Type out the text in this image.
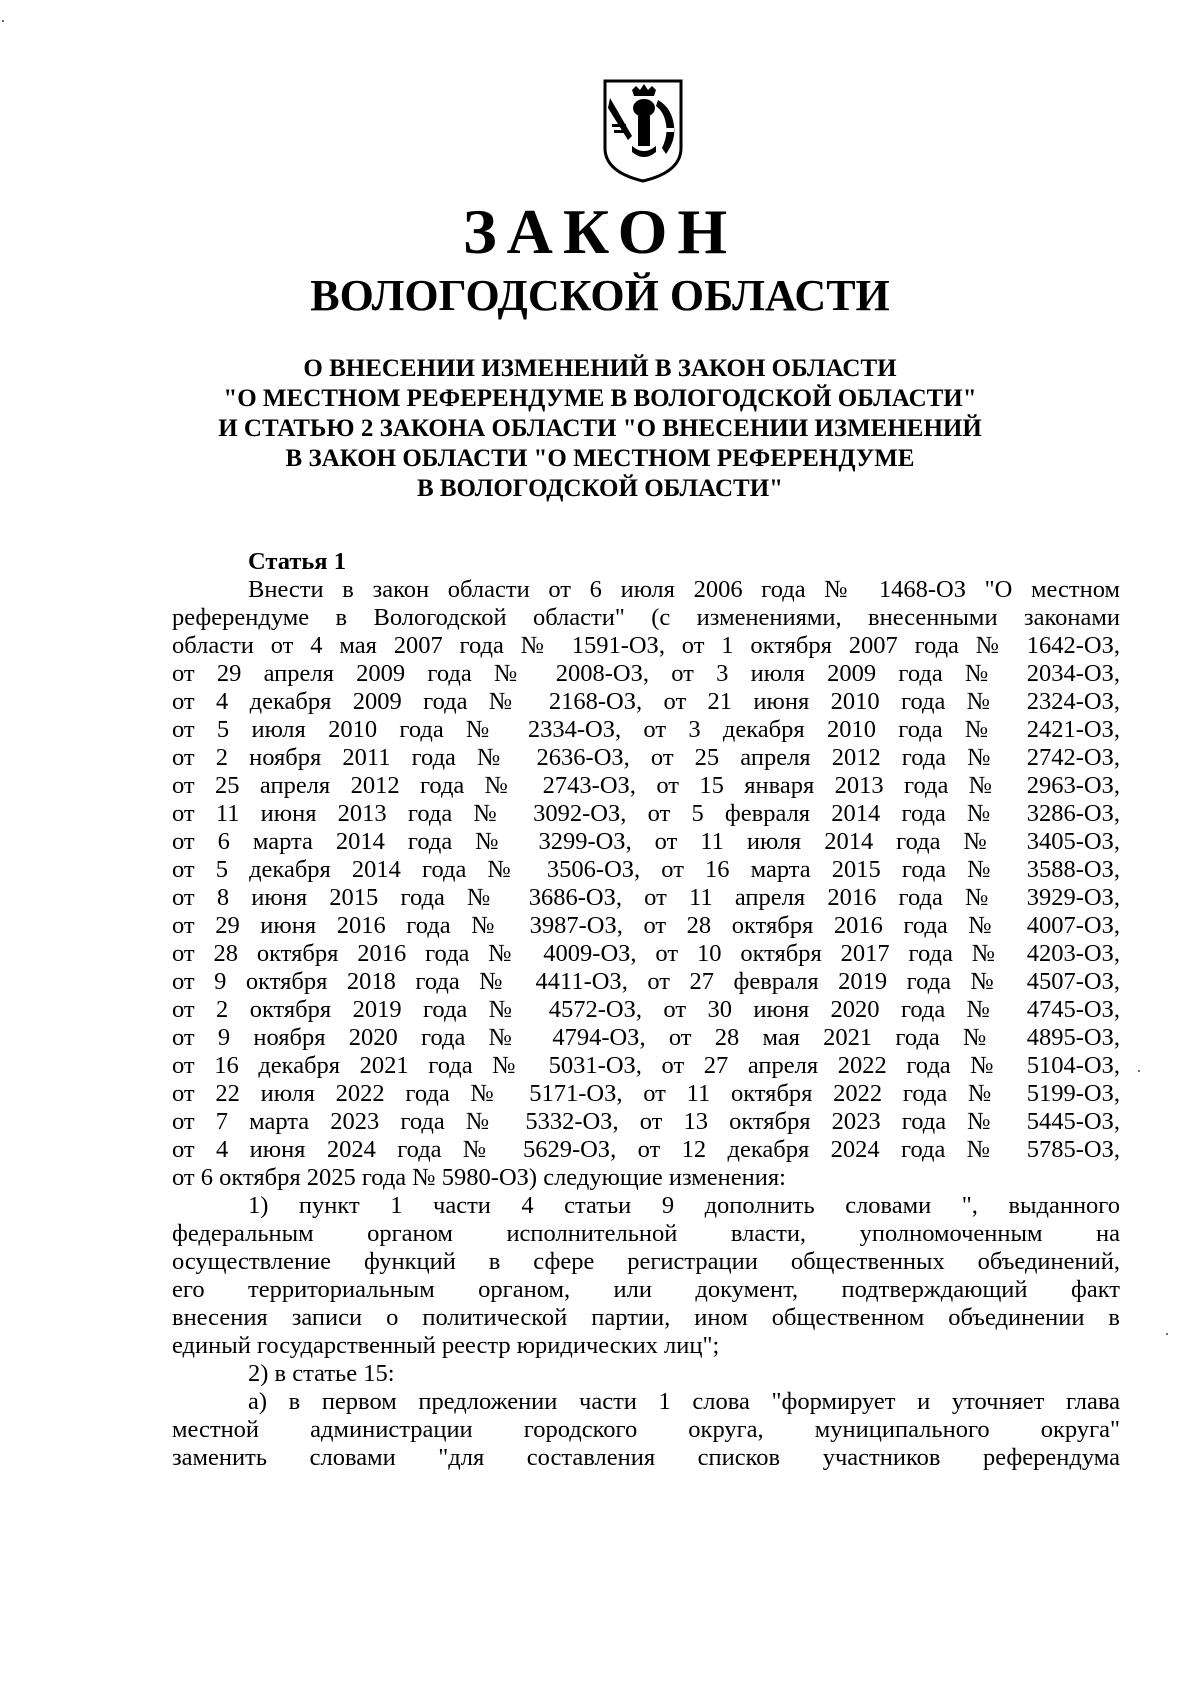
ЗАКОН
ВОЛОГОДСКОЙ ОБЛАСТИ
О ВНЕСЕНИИ ИЗМЕНЕНИЙ В ЗАКОН ОБЛАСТИ
"О МЕСТНОМ РЕФЕРЕНДУМЕ В ВОЛОГОДСКОЙ ОБЛАСТИ"
И СТАТЬЮ 2 ЗАКОНА ОБЛАСТИ "О ВНЕСЕНИИ ИЗМЕНЕНИЙ
В ЗАКОН ОБЛАСТИ "О МЕСТНОМ РЕФЕРЕНДУМЕ
В ВОЛОГОДСКОЙ ОБЛАСТИ"
Статья 1
Внести в закон области от 6 июля 2006 года № 1468-ОЗ "О местном
референдуме в Вологодской области" (с изменениями, внесенными законами
области от 4 мая 2007 года № 1591-ОЗ, от 1 октября 2007 года № 1642-ОЗ,
от 29 апреля 2009 года № 2008-ОЗ, от 3 июля 2009 года № 2034-ОЗ,
от 4 декабря 2009 года № 2168-ОЗ, от 21 июня 2010 года № 2324-ОЗ,
от 5 июля 2010 года № 2334-ОЗ, от 3 декабря 2010 года № 2421-ОЗ,
от 2 ноября 2011 года № 2636-ОЗ, от 25 апреля 2012 года № 2742-ОЗ,
от 25 апреля 2012 года № 2743-ОЗ, от 15 января 2013 года № 2963-ОЗ,
от 11 июня 2013 года № 3092-ОЗ, от 5 февраля 2014 года № 3286-ОЗ,
от 6 марта 2014 года № 3299-ОЗ, от 11 июля 2014 года № 3405-ОЗ,
от 5 декабря 2014 года № 3506-ОЗ, от 16 марта 2015 года № 3588-ОЗ,
от 8 июня 2015 года № 3686-ОЗ, от 11 апреля 2016 года № 3929-ОЗ,
от 29 июня 2016 года № 3987-ОЗ, от 28 октября 2016 года № 4007-ОЗ,
от 28 октября 2016 года № 4009-ОЗ, от 10 октября 2017 года № 4203-ОЗ,
от 9 октября 2018 года № 4411-ОЗ, от 27 февраля 2019 года № 4507-ОЗ,
от 2 октября 2019 года № 4572-ОЗ, от 30 июня 2020 года № 4745-ОЗ,
от 9 ноября 2020 года № 4794-ОЗ, от 28 мая 2021 года № 4895-ОЗ,
от 16 декабря 2021 года № 5031-ОЗ, от 27 апреля 2022 года № 5104-ОЗ,
от 22 июля 2022 года № 5171-ОЗ, от 11 октября 2022 года № 5199-ОЗ,
от 7 марта 2023 года № 5332-ОЗ, от 13 октября 2023 года № 5445-ОЗ,
от 4 июня 2024 года № 5629-ОЗ, от 12 декабря 2024 года № 5785-ОЗ,
от 6 октября 2025 года № 5980-ОЗ) следующие изменения:
1) пункт 1 части 4 статьи 9 дополнить словами ", выданного
федеральным органом исполнительной власти, уполномоченным на
осуществление функций в сфере регистрации общественных объединений,
его территориальным органом, или документ, подтверждающий факт
внесения записи о политической партии, ином общественном объединении в
единый государственный реестр юридических лиц";
2) в статье 15:
а) в первом предложении части 1 слова "формирует и уточняет глава
местной администрации городского округа, муниципального округа"
заменить словами "для составления списков участников референдума
